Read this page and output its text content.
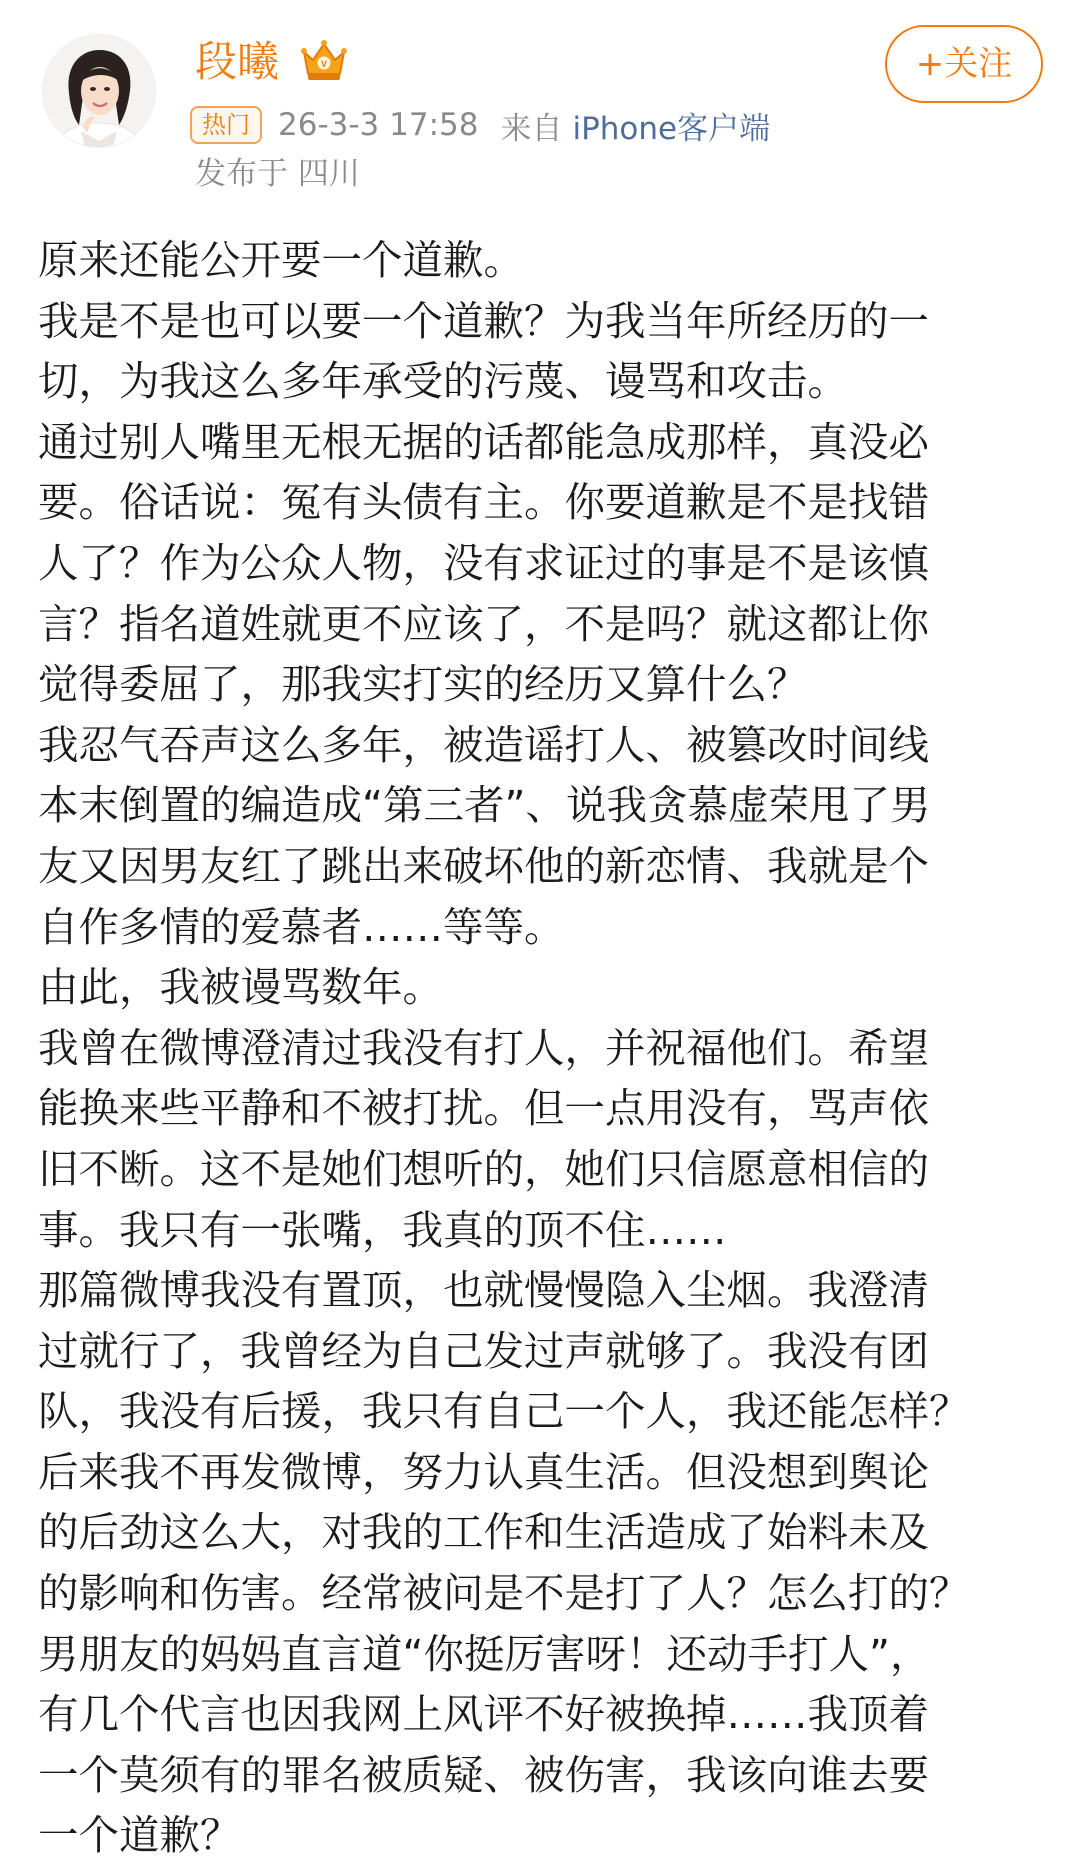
段曦	V	+关注
热门 26-3-3 17:58 来自 iPhone客户端
发布于 四川
原来还能公开要一个道歉。
我是不是也可以要一个道歉？为我当年所经历的一
切，为我这么多年承受的污蔑、谩骂和攻击。
通过别人嘴里无根无据的话都能急成那样，真没必
要。俗话说：冤有头债有主。你要道歉是不是找错
人了？作为公众人物，没有求证过的事是不是该慎
言？指名道姓就更不应该了，不是吗？就这都让你
觉得委屈了，那我实打实的经历又算什么？
我忍气吞声这么多年，被造谣打人、被篡改时间线
本末倒置的编造成“第三者”、说我贪慕虚荣甩了男
友又因男友红了跳出来破坏他的新恋情、我就是个
自作多情的爱慕者……等等。
由此，我被谩骂数年。
我曾在微博澄清过我没有打人，并祝福他们。希望
能换来些平静和不被打扰。但一点用没有，骂声依
旧不断。这不是她们想听的，她们只信愿意相信的
事。我只有一张嘴，我真的顶不住……
那篇微博我没有置顶，也就慢慢隐入尘烟。我澄清
过就行了，我曾经为自己发过声就够了。我没有团
队，我没有后援，我只有自己一个人，我还能怎样？
后来我不再发微博，努力认真生活。但没想到舆论
的后劲这么大，对我的工作和生活造成了始料未及
的影响和伤害。经常被问是不是打了人？怎么打的？
男朋友的妈妈直言道“你挺厉害呀！还动手打人”，
有几个代言也因我网上风评不好被换掉……我顶着
一个莫须有的罪名被质疑、被伤害，我该向谁去要
一个道歉？
